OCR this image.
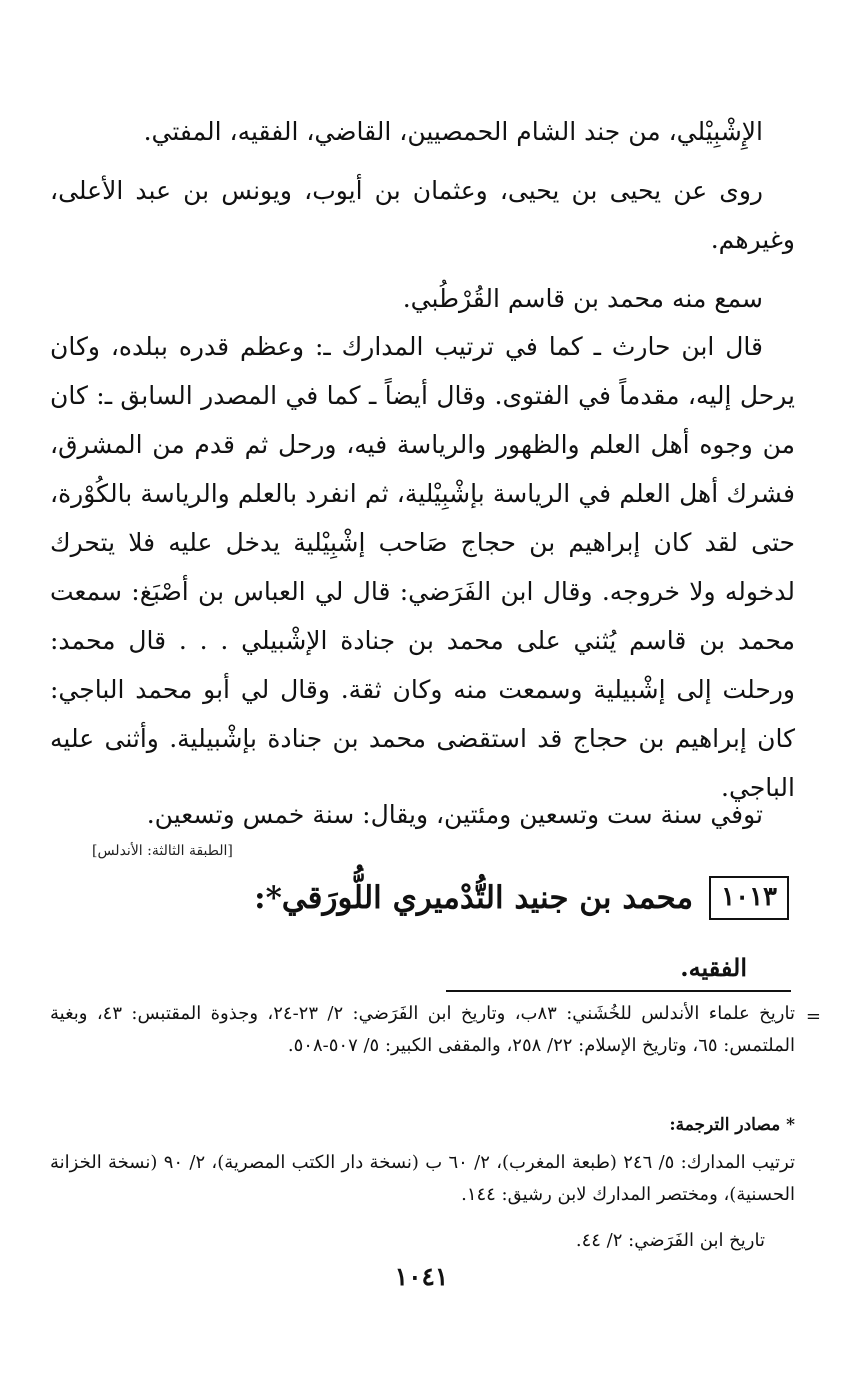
الإِشْبِيْلي، من جند الشام الحمصيين، القاضي، الفقيه، المفتي.

روى عن يحيى بن يحيى، وعثمان بن أيوب، ويونس بن عبد الأعلى، وغيرهم.

سمع منه محمد بن قاسم القُرْطُبي.

قال ابن حارث ـ كما في ترتيب المدارك ـ: وعظم قدره ببلده، وكان يرحل إليه، مقدماً في الفتوى. وقال أيضاً ـ كما في المصدر السابق ـ: كان من وجوه أهل العلم والظهور والرياسة فيه، ورحل ثم قدم من المشرق، فشرك أهل العلم في الرياسة بإشْبِيْلية، ثم انفرد بالعلم والرياسة بالكُوْرة، حتى لقد كان إبراهيم بن حجاج صَاحب إشْبِيْلية يدخل عليه فلا يتحرك لدخوله ولا خروجه. وقال ابن الفَرَضي: قال لي العباس بن أصْبَغ: سمعت محمد بن قاسم يُثني على محمد بن جنادة الإشْبيلي . . . قال محمد: ورحلت إلى إشْبيلية وسمعت منه وكان ثقة. وقال لي أبو محمد الباجي: كان إبراهيم بن حجاج قد استقضى محمد بن جنادة بإشْبيلية. وأثنى عليه الباجي.

توفي سنة ست وتسعين ومئتين، ويقال: سنة خمس وتسعين.

[الطبقة الثالثة: الأندلس]
١٠١٣
محمد بن جنيد التُّدْميري اللُّورَقي*:
الفقيه.
=

تاريخ علماء الأندلس للخُشَني: ٨٣ب، وتاريخ ابن الفَرَضي: ٢/ ٢٣-٢٤، وجذوة المقتبس: ٤٣، وبغية الملتمس: ٦٥، وتاريخ الإسلام: ٢٢/ ٢٥٨، والمقفى الكبير: ٥/ ٥٠٧-٥٠٨.

* مصادر الترجمة:

ترتيب المدارك: ٥/ ٢٤٦ (طبعة المغرب)، ٢/ ٦٠ ب (نسخة دار الكتب المصرية)، ٢/ ٩٠ (نسخة الخزانة الحسنية)، ومختصر المدارك لابن رشيق: ١٤٤.

تاريخ ابن الفَرَضي: ٢/ ٤٤.

١٠٤١
